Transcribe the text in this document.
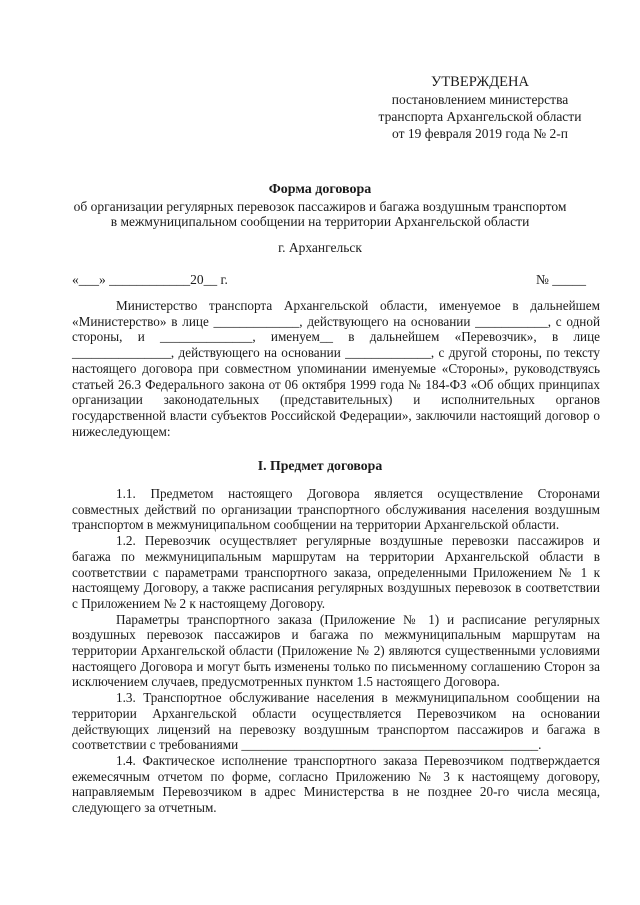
УТВЕРЖДЕНА
постановлением министерства
транспорта Архангельской области
от 19 февраля 2019 года № 2-п
Форма договора
об организации регулярных перевозок пассажиров и багажа воздушным транспортом
в межмуниципальном сообщении на территории Архангельской области
г. Архангельск
«___» ____________20__ г.	№ _____
Министерство транспорта Архангельской области, именуемое в дальнейшем «Министерство» в лице _____________, действующего на основании ___________, с одной стороны, и ______________, именуем__ в дальнейшем «Перевозчик», в лице _______________, действующего на основании _____________, с другой стороны, по тексту настоящего договора при совместном упоминании именуемые «Стороны», руководствуясь статьей 26.3 Федерального закона от 06 октября 1999 года № 184-ФЗ «Об общих принципах организации законодательных (представительных) и исполнительных органов государственной власти субъектов Российской Федерации», заключили настоящий договор о нижеследующем:
I. Предмет договора
1.1. Предметом настоящего Договора является осуществление Сторонами совместных действий по организации транспортного обслуживания населения воздушным транспортом в межмуниципальном сообщении на территории Архангельской области.
1.2. Перевозчик осуществляет регулярные воздушные перевозки пассажиров и багажа по межмуниципальным маршрутам на территории Архангельской области в соответствии с параметрами транспортного заказа, определенными Приложением № 1 к настоящему Договору, а также расписания регулярных воздушных перевозок в соответствии с Приложением № 2 к настоящему Договору.
Параметры транспортного заказа (Приложение № 1) и расписание регулярных воздушных перевозок пассажиров и багажа по межмуниципальным маршрутам на территории Архангельской области (Приложение № 2) являются существенными условиями настоящего Договора и могут быть изменены только по письменному соглашению Сторон за исключением случаев, предусмотренных пунктом 1.5 настоящего Договора.
1.3. Транспортное обслуживание населения в межмуниципальном сообщении на территории Архангельской области осуществляется Перевозчиком на основании действующих лицензий на перевозку воздушным транспортом пассажиров и багажа в соответствии с требованиями _____________________________________________.
1.4. Фактическое исполнение транспортного заказа Перевозчиком подтверждается ежемесячным отчетом по форме, согласно Приложению № 3 к настоящему договору, направляемым Перевозчиком в адрес Министерства в не позднее 20-го числа месяца, следующего за отчетным.
